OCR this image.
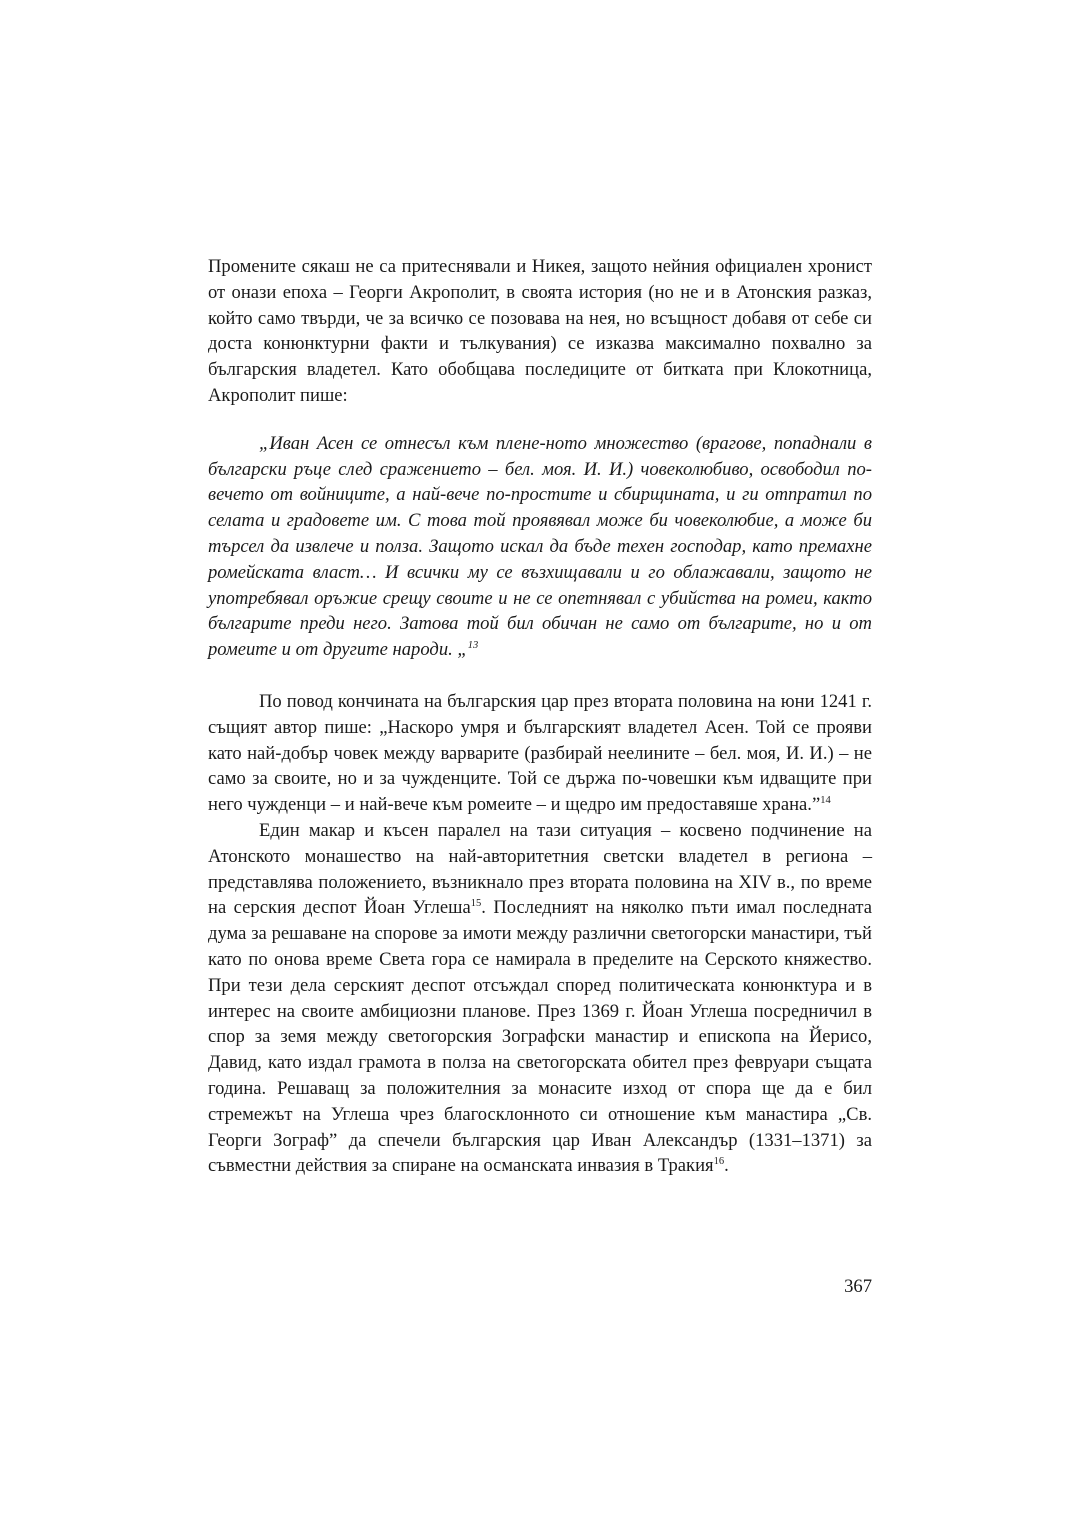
Промените сякаш не са притеснявали и Никея, защото нейния официален хронист от онази епоха – Георги Акрополит, в своята история (но не и в Атонския разказ, който само твърди, че за всичко се позовава на нея, но всъщност добавя от себе си доста конюнктурни факти и тълкувания) се изказва максимално похвално за българския владетел. Като обобщава последиците от битката при Клокотница, Акрополит пише:

„Иван Асен се отнесъл към плене-ното множество (врагове, попаднали в български ръце след сражението – бел. моя. И. И.) човеколюбиво, освободил по-вечето от войниците, а най-вече по-простите и сбирщината, и ги отпратил по селата и градовете им. С това той проявявал може би човеколюбие, а може би търсел да извлече и полза. Защото искал да бъде техен господар, като премахне ромейската власт… И всички му се възхищавали и го облажавали, защото не употребявал оръжие срещу своите и не се опетнявал с убийства на ромеи, както българите преди него. Затова той бил обичан не само от българите, но и от ромеите и от другите народи. „$^{13}$

По повод кончината на българския цар през втората половина на юни 1241 г. същият автор пише: „Наскоро умря и българският владетел Асен. Той се прояви като най-добър човек между варварите (разбирай неелините – бел. моя, И. И.) – не само за своите, но и за чужденците. Той се държа по-човешки към идващите при него чужденци – и най-вече към ромеите – и щедро им предоставяше храна.”$^{14}$

Един макар и късен паралел на тази ситуация – косвено подчинение на Атонското монашество на най-авторитетния светски владетел в региона – представлява положението, възникнало през втората половина на XIV в., по време на серския деспот Йоан Углеша$^{15}$. Последният на няколко пъти имал последната дума за решаване на спорове за имоти между различни светогорски манастири, тъй като по онова време Света гора се намирала в пределите на Серското княжество. При тези дела серският деспот отсъждал според политическата конюнктура и в интерес на своите амбициозни планове. През 1369 г. Йоан Углеша посредничил в спор за земя между светогорския Зографски манастир и епископа на Йерисо, Давид, като издал грамота в полза на светогорската обител през февруари същата година. Решаващ за положителния за монасите изход от спора ще да е бил стремежът на Углеша чрез благосклонното си отношение към манастира „Св. Георги Зограф” да спечели българския цар Иван Александър (1331–1371) за съвместни действия за спиране на османската инвазия в Тракия$^{16}$.

367
